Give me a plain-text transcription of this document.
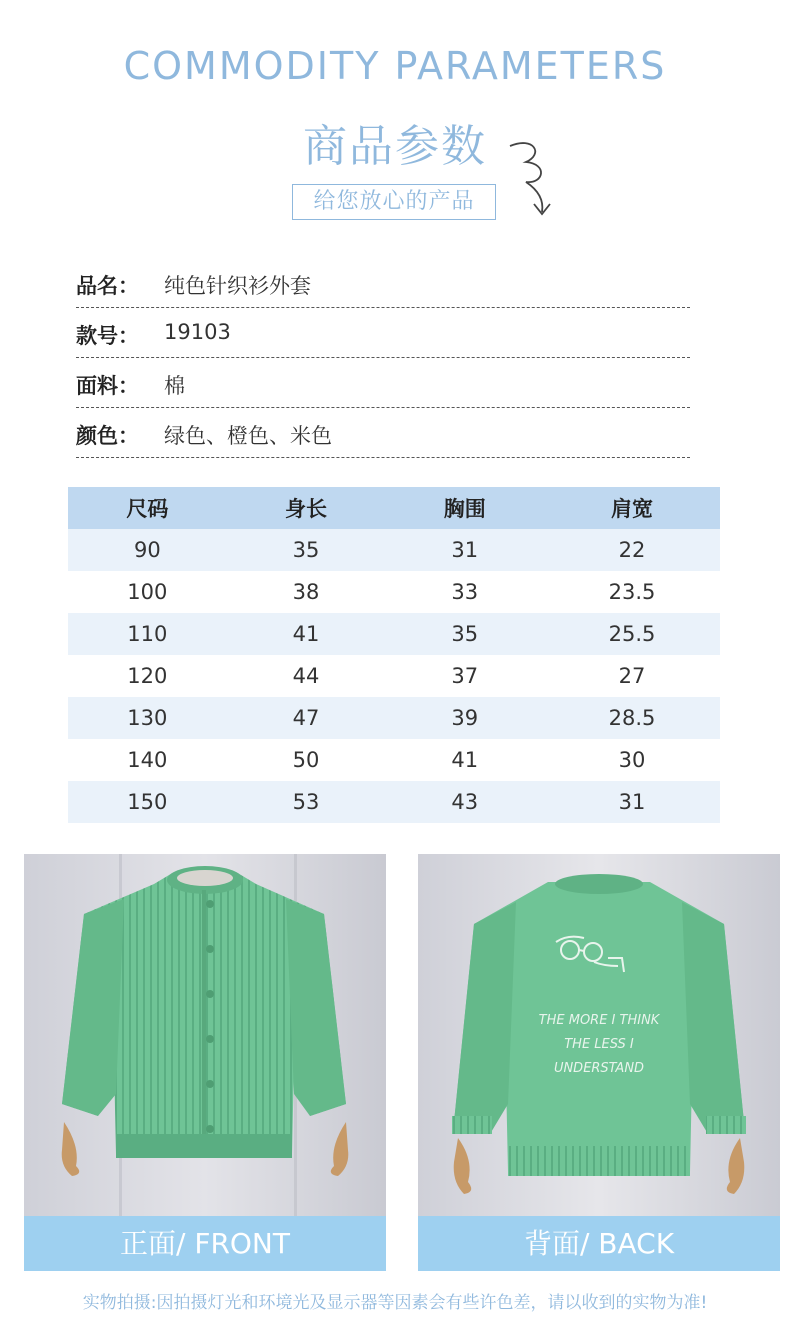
COMMODITY PARAMETERS
商品参数
给您放心的产品
品名： 纯色针织衫外套
款号： 19103
面料： 棉
颜色： 绿色、橙色、米色
尺码	身长	胸围	肩宽
90	35	31	22
100	38	33	23.5
110	41	35	25.5
120	44	37	27
130	47	39	28.5
140	50	41	30
150	53	43	31
正面/ FRONT
THE MORE I THINK
THE LESS I
UNDERSTAND
背面/ BACK
实物拍摄:因拍摄灯光和环境光及显示器等因素会有些许色差，请以收到的实物为准!
